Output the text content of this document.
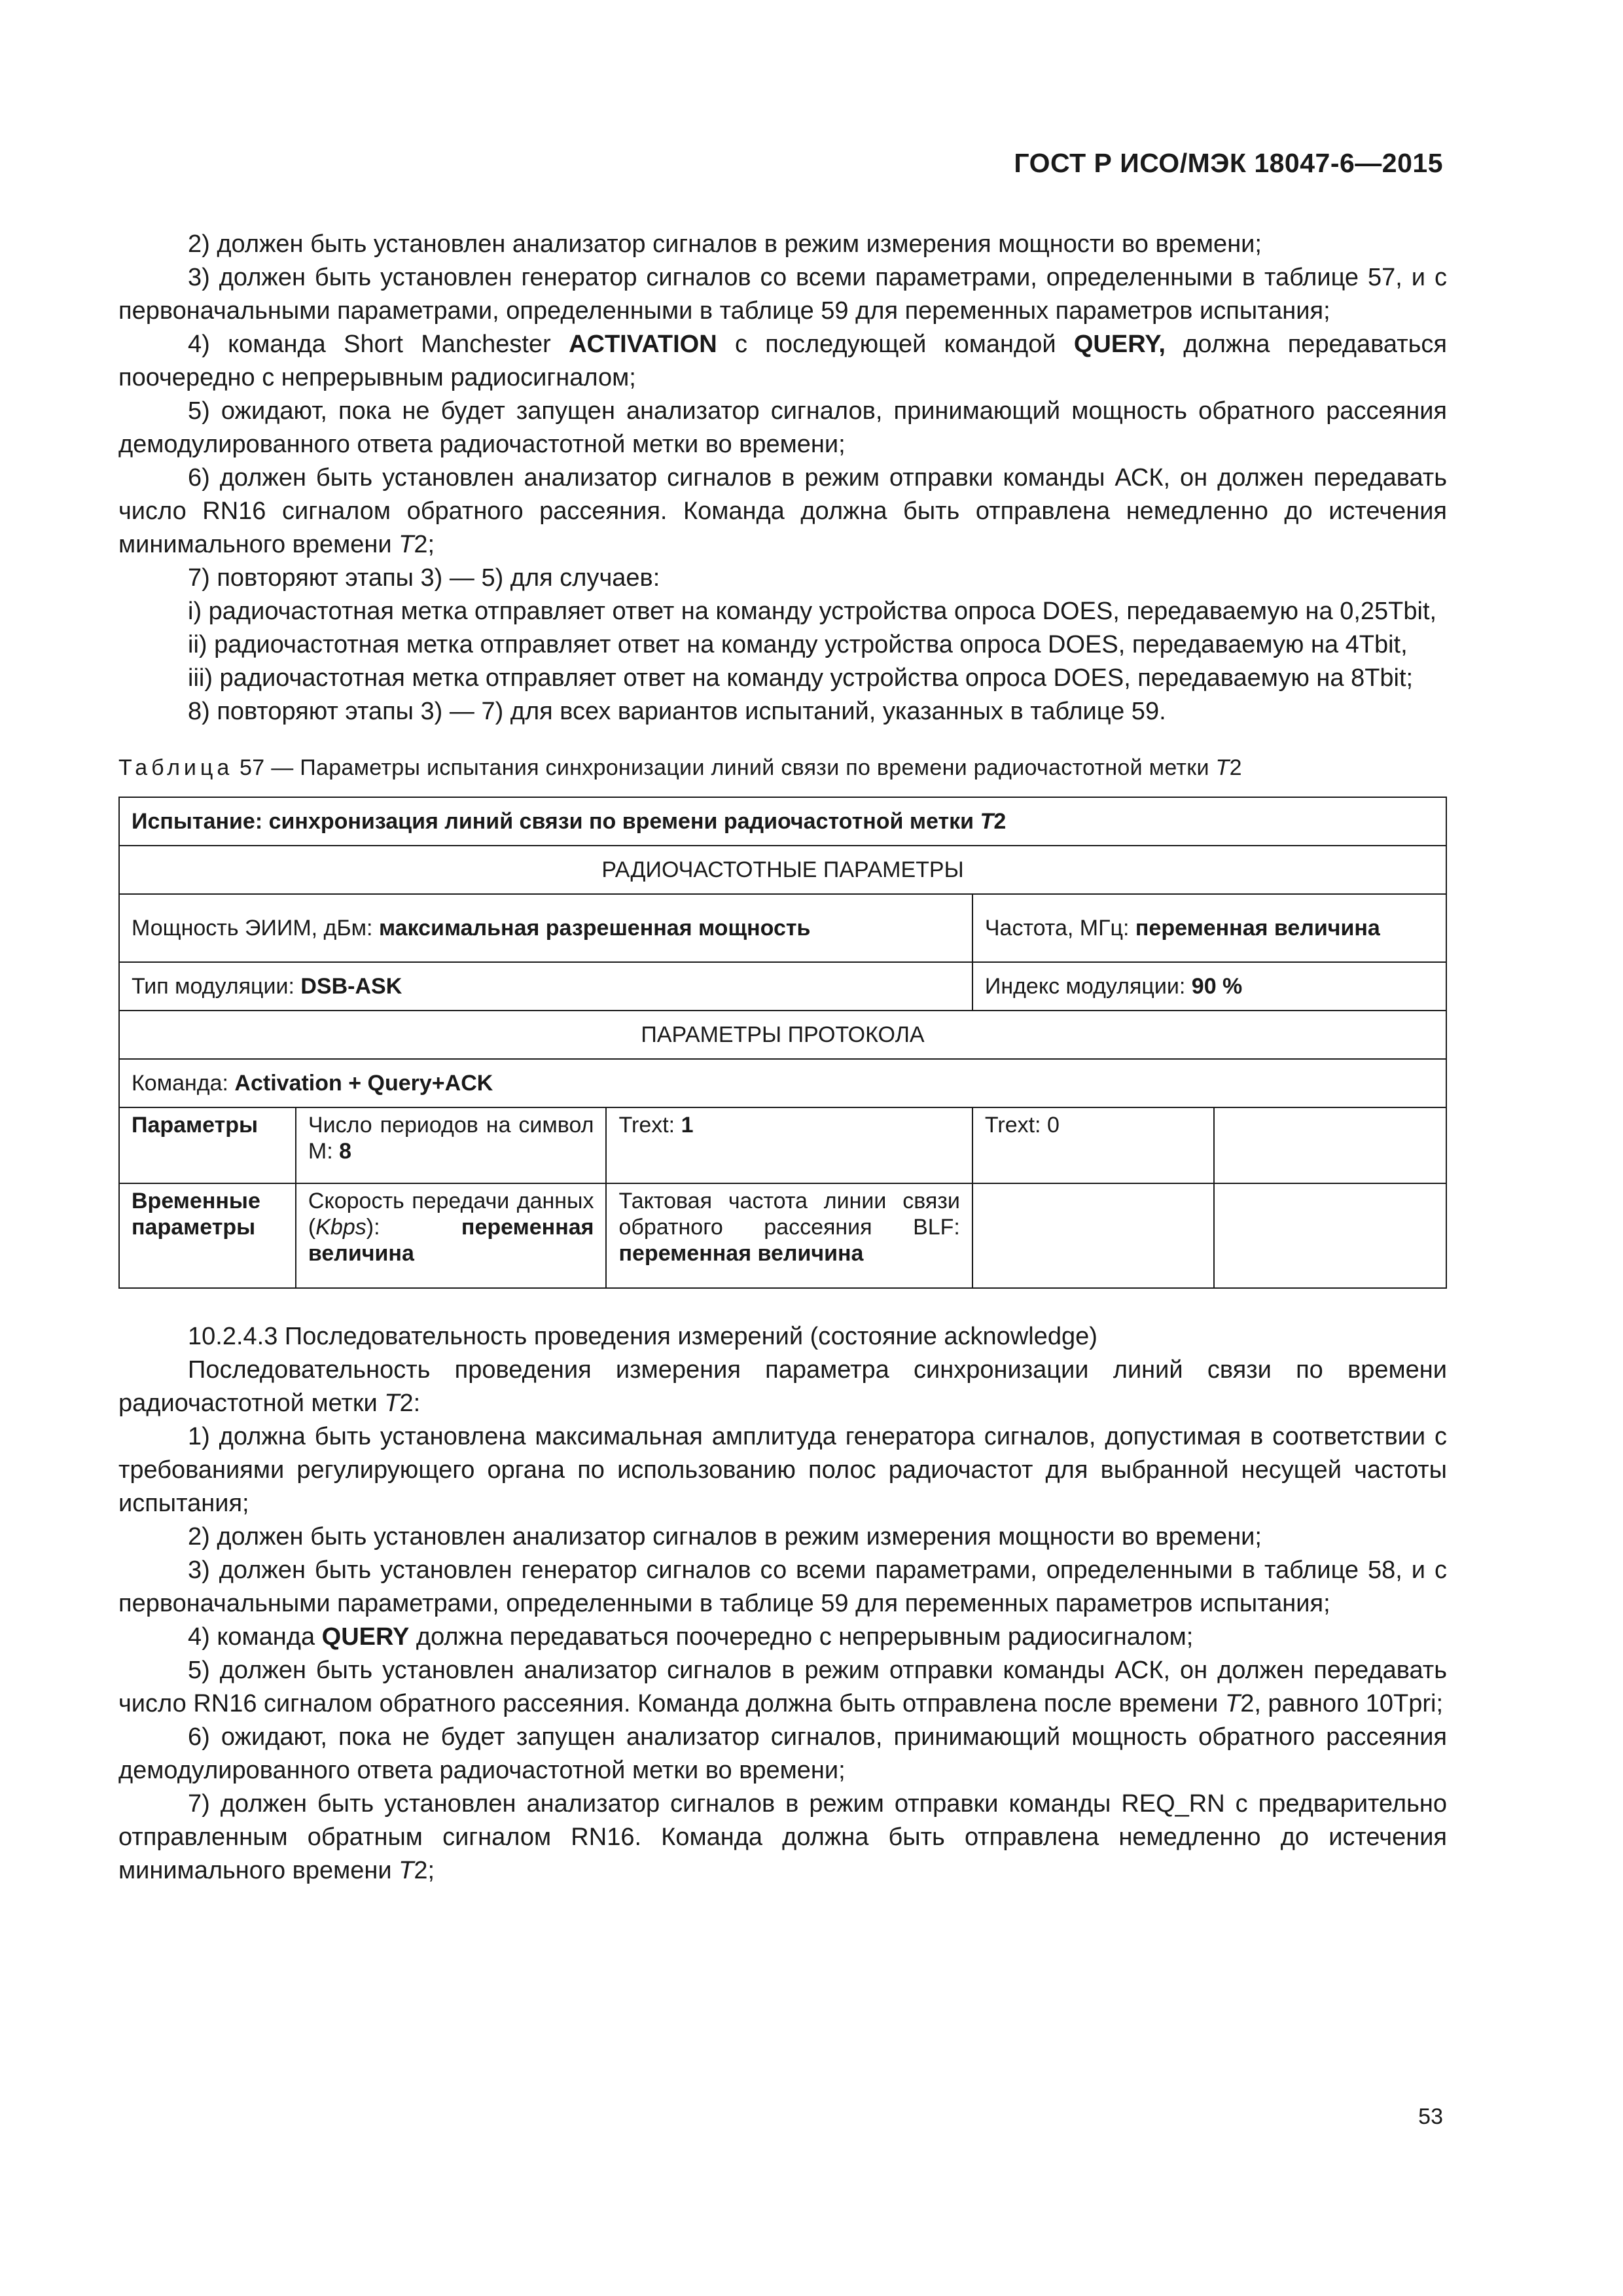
ГОСТ Р ИСО/МЭК 18047-6—2015

2) должен быть установлен анализатор сигналов в режим измерения мощности во времени;

3) должен быть установлен генератор сигналов со всеми параметрами, определенными в таблице 57, и с первоначальными параметрами, определенными в таблице 59 для переменных параметров испытания;

4) команда Short Manchester ACTIVATION с последующей командой QUERY, должна передаваться поочередно с непрерывным радиосигналом;

5) ожидают, пока не будет запущен анализатор сигналов, принимающий мощность обратного рассеяния демодулированного ответа радиочастотной метки во времени;

6) должен быть установлен анализатор сигналов в режим отправки команды АСК, он должен передавать число RN16 сигналом обратного рассеяния. Команда должна быть отправлена немедленно до истечения минимального времени T2;

7) повторяют этапы 3) — 5) для случаев:

i) радиочастотная метка отправляет ответ на команду устройства опроса DOES, передаваемую на 0,25Tbit,

ii) радиочастотная метка отправляет ответ на команду устройства опроса DOES, передаваемую на 4Tbit,

iii) радиочастотная метка отправляет ответ на команду устройства опроса DOES, передаваемую на 8Tbit;

8) повторяют этапы 3) — 7) для всех вариантов испытаний, указанных в таблице 59.

Таблица 57 — Параметры испытания синхронизации линий связи по времени радиочастотной метки T2
Испытание: синхронизация линий связи по времени радиочастотной метки T2				
РАДИОЧАСТОТНЫЕ ПАРАМЕТРЫ				
Мощность ЭИИМ, дБм: максимальная разрешенная мощность			Частота, МГц: переменная величина	
Тип модуляции: DSB-ASK			Индекс модуляции: 90 %	
ПАРАМЕТРЫ ПРОТОКОЛА				
Команда: Activation + Query+ACK				
Параметры	Число периодов на символ M: 8	Trext: 1	Trext: 0	
Временные параметры	Скорость передачи данных (Kbps): переменная величина	Тактовая частота линии связи обратного рассеяния BLF: переменная величина		

10.2.4.3 Последовательность проведения измерений (состояние acknowledge)

Последовательность проведения измерения параметра синхронизации линий связи по времени радиочастотной метки T2:

1) должна быть установлена максимальная амплитуда генератора сигналов, допустимая в соответствии с требованиями регулирующего органа по использованию полос радиочастот для выбранной несущей частоты испытания;

2) должен быть установлен анализатор сигналов в режим измерения мощности во времени;

3) должен быть установлен генератор сигналов со всеми параметрами, определенными в таблице 58, и с первоначальными параметрами, определенными в таблице 59 для переменных параметров испытания;

4) команда QUERY должна передаваться поочередно с непрерывным радиосигналом;

5) должен быть установлен анализатор сигналов в режим отправки команды АСК, он должен передавать число RN16 сигналом обратного рассеяния. Команда должна быть отправлена после времени T2, равного 10Tpri;

6) ожидают, пока не будет запущен анализатор сигналов, принимающий мощность обратного рассеяния демодулированного ответа радиочастотной метки во времени;

7) должен быть установлен анализатор сигналов в режим отправки команды REQ_RN с предварительно отправленным обратным сигналом RN16. Команда должна быть отправлена немедленно до истечения минимального времени T2;

53
